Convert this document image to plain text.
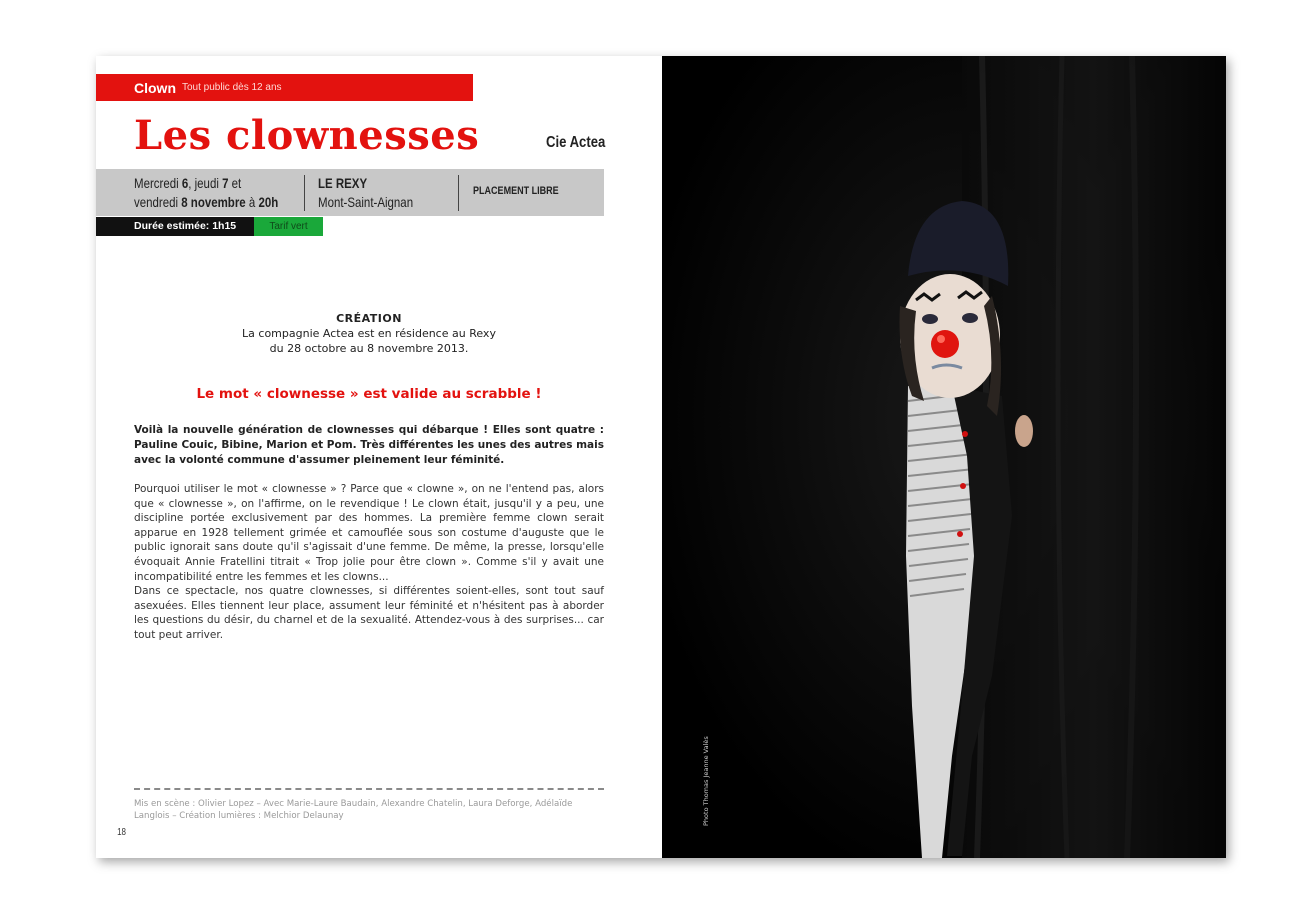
Clown Tout public dès 12 ans
Les clownesses	Cie Actea
Mercredi 6, jeudi 7 et
vendredi 8 novembre à 20h
LE REXY
Mont-Saint-Aignan
PLACEMENT LIBRE
Durée estimée: 1h15	Tarif vert
CRÉATION
La compagnie Actea est en résidence au Rexy
du 28 octobre au 8 novembre 2013.
Le mot « clownesse » est valide au scrabble !

Voilà la nouvelle génération de clownesses qui débarque ! Elles sont quatre : Pauline Couic, Bibine, Marion et Pom. Très différentes les unes des autres mais avec la volonté commune d'assumer pleinement leur féminité.

Pourquoi utiliser le mot « clownesse » ? Parce que « clowne », on ne l'entend pas, alors que « clownesse », on l'affirme, on le revendique ! Le clown était, jusqu'il y a peu, une discipline portée exclusivement par des hommes. La première femme clown serait apparue en 1928 tellement grimée et camouflée sous son costume d'auguste que le public ignorait sans doute qu'il s'agissait d'une femme. De même, la presse, lorsqu'elle évoquait Annie Fratellini titrait « Trop jolie pour être clown ». Comme s'il y avait une incompatibilité entre les femmes et les clowns...

Dans ce spectacle, nos quatre clownesses, si différentes soient-elles, sont tout sauf asexuées. Elles tiennent leur place, assument leur féminité et n'hésitent pas à aborder les questions du désir, du charnel et de la sexualité. Attendez-vous à des surprises... car tout peut arriver.

Mis en scène : Olivier Lopez – Avec Marie-Laure Baudain, Alexandre Chatelin, Laura Deforge, Adélaïde Langlois – Création lumières : Melchior Delaunay
18
Photo Thomas Jeanne Valès
